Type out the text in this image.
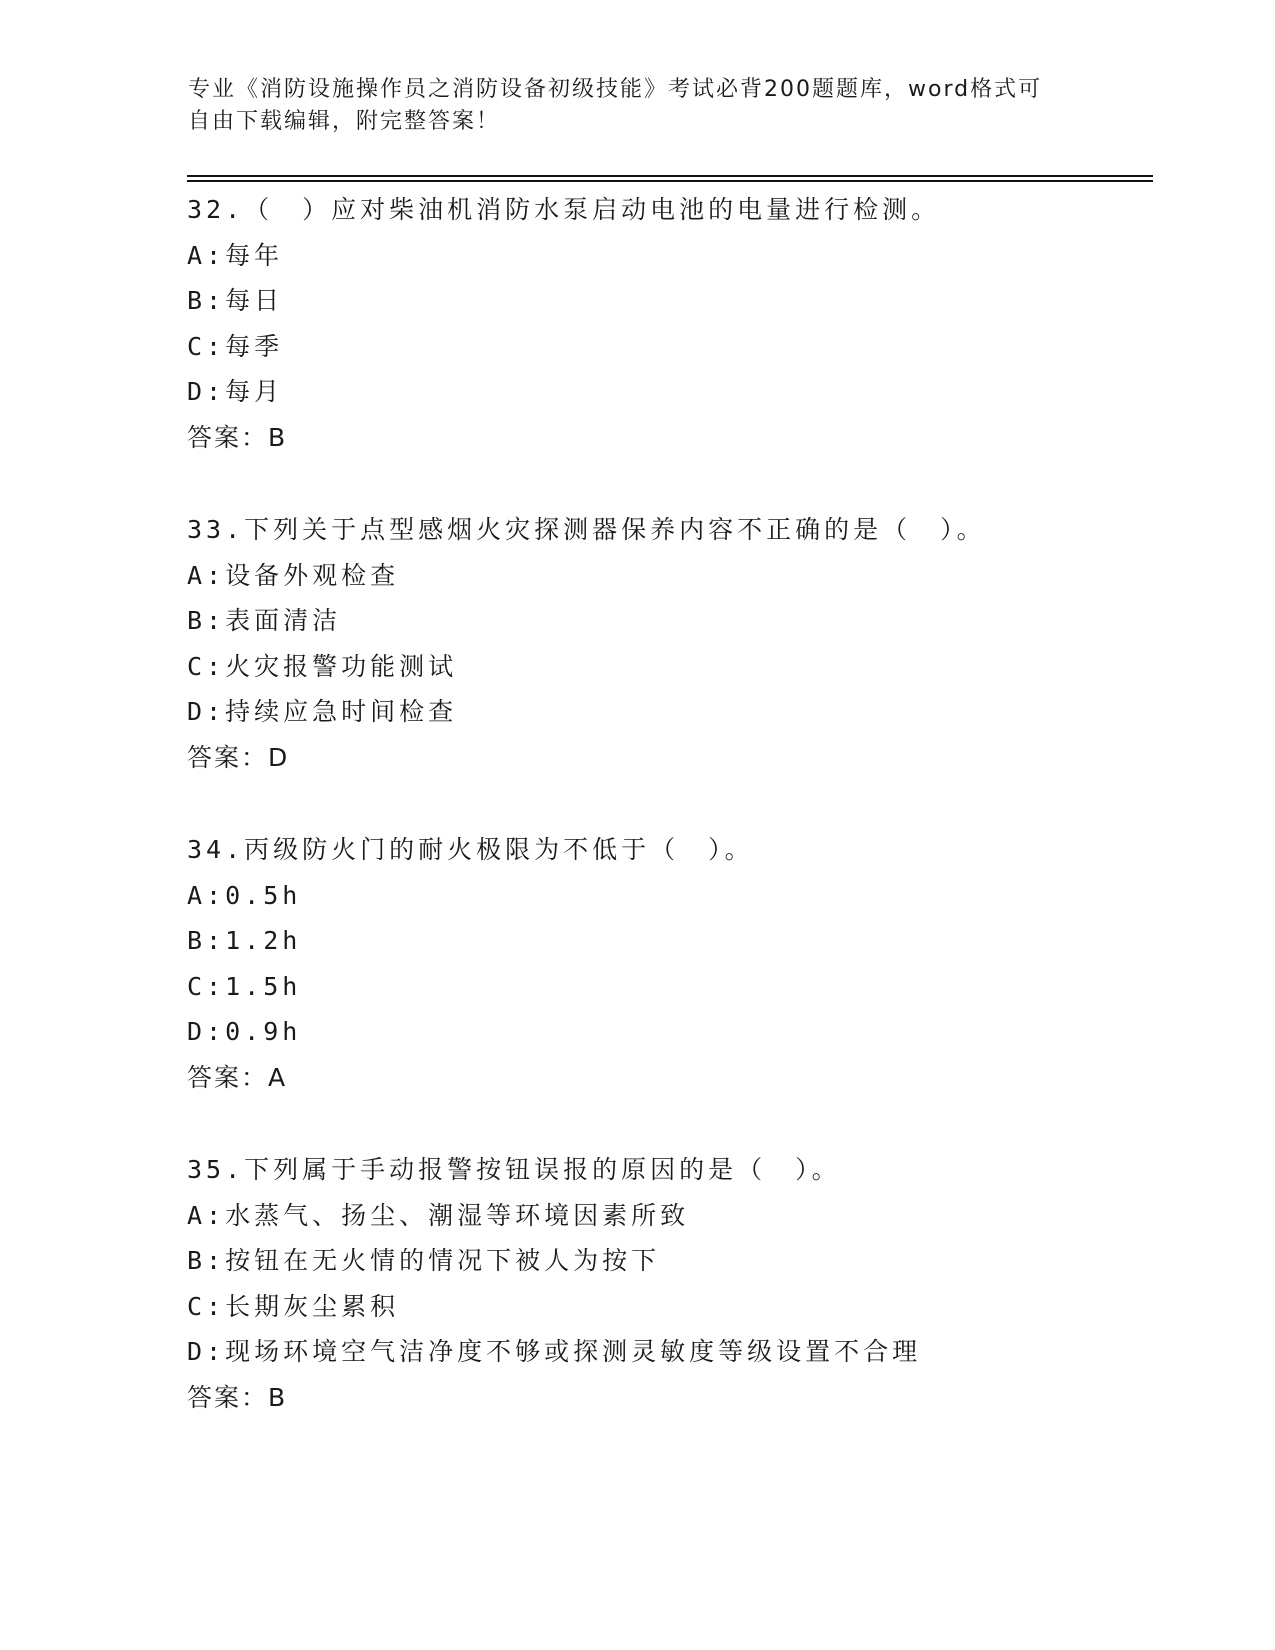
专业《消防设施操作员之消防设备初级技能》考试必背200题题库，word格式可
自由下载编辑，附完整答案！
32.（　）应对柴油机消防水泵启动电池的电量进行检测。
A:每年
B:每日
C:每季
D:每月
答案：B
33.下列关于点型感烟火灾探测器保养内容不正确的是（　）。
A:设备外观检查
B:表面清洁
C:火灾报警功能测试
D:持续应急时间检查
答案：D
34.丙级防火门的耐火极限为不低于（　）。
A:0.5h
B:1.2h
C:1.5h
D:0.9h
答案：A
35.下列属于手动报警按钮误报的原因的是（　）。
A:水蒸气、扬尘、潮湿等环境因素所致
B:按钮在无火情的情况下被人为按下
C:长期灰尘累积
D:现场环境空气洁净度不够或探测灵敏度等级设置不合理
答案：B
